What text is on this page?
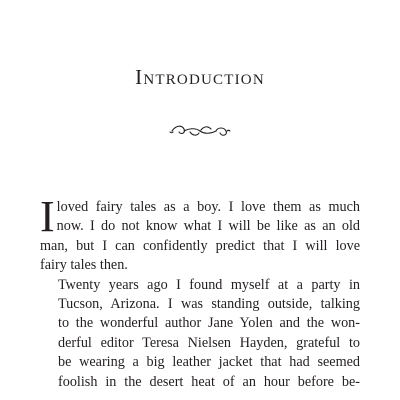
Introduction

I loved fairy tales as a boy. I love them as much
now. I do not know what I will be like as an old
man, but I can confidently predict that I will love
fairy tales then.

Twenty years ago I found myself at a party in
Tucson, Arizona. I was standing outside, talking
to the wonderful author Jane Yolen and the won-
derful editor Teresa Nielsen Hayden, grateful to
be wearing a big leather jacket that had seemed
foolish in the desert heat of an hour before be-
